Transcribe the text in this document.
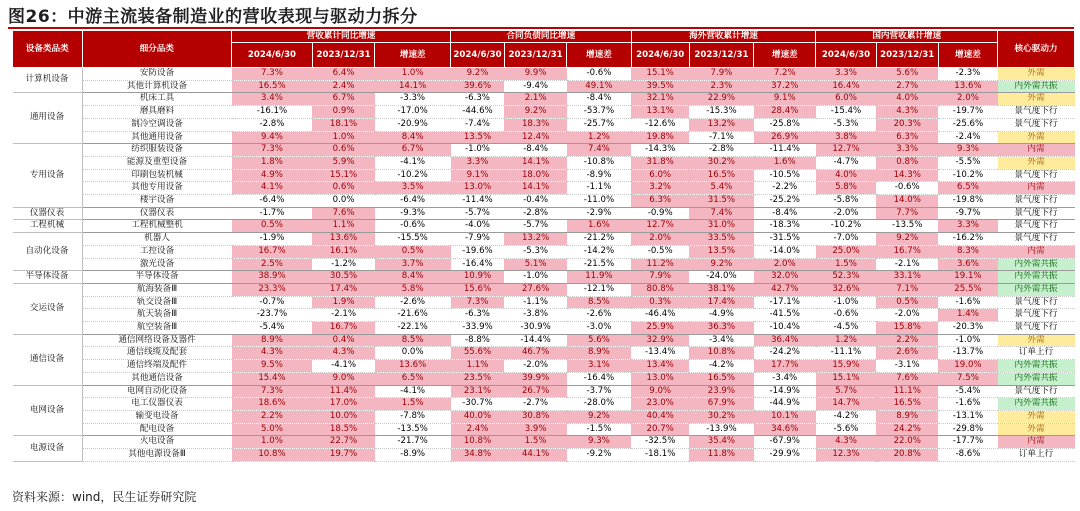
图26：中游主流装备制造业的营收表现与驱动力拆分
设备类品类	细分品类	营收累计同比增速			合同负债同比增速			海外营收累计增速			国内营收累计增速			核心驱动力
		2024/6/30	2023/12/31	增速差	2024/6/30	2023/12/31	增速差	2024/6/30	2023/12/31	增速差	2024/6/30	2023/12/31	增速差	
计算机设备	安防设备	7.3%	6.4%	1.0%	9.2%	9.9%	-0.6%	15.1%	7.9%	7.2%	3.3%	5.6%	-2.3%	外需
	其他计算机设备	16.5%	2.4%	14.1%	39.6%	-9.4%	49.1%	39.5%	2.3%	37.2%	16.4%	2.7%	13.6%	内外需共振
通用设备	机床工具	3.4%	6.7%	-3.3%	-6.3%	2.1%	-8.4%	32.1%	22.9%	9.1%	6.0%	4.0%	2.0%	外需
	磨具磨料	-16.1%	0.9%	-17.0%	-44.6%	9.2%	-53.7%	13.1%	-15.3%	28.4%	-15.4%	4.3%	-19.7%	景气度下行
	制冷空调设备	-2.8%	18.1%	-20.9%	-7.4%	18.3%	-25.7%	-12.6%	13.2%	-25.8%	-5.3%	20.3%	-25.6%	景气度下行
	其他通用设备	9.4%	1.0%	8.4%	13.5%	12.4%	1.2%	19.8%	-7.1%	26.9%	3.8%	6.3%	-2.4%	外需
专用设备	纺织服装设备	7.3%	0.6%	6.7%	-1.0%	-8.4%	7.4%	-14.3%	-2.8%	-11.4%	12.7%	3.3%	9.3%	内需
	能源及重型设备	1.8%	5.9%	-4.1%	3.3%	14.1%	-10.8%	31.8%	30.2%	1.6%	-4.7%	0.8%	-5.5%	外需
	印刷包装机械	4.9%	15.1%	-10.2%	9.1%	18.0%	-8.9%	6.0%	16.5%	-10.5%	4.0%	14.3%	-10.2%	景气度下行
	其他专用设备	4.1%	0.6%	3.5%	13.0%	14.1%	-1.1%	3.2%	5.4%	-2.2%	5.8%	-0.6%	6.5%	内需
	楼宇设备	-6.4%	0.0%	-6.4%	-11.4%	-0.4%	-11.0%	6.3%	31.5%	-25.2%	-5.8%	14.0%	-19.8%	景气度下行
仪器仪表	仪器仪表	-1.7%	7.6%	-9.3%	-5.7%	-2.8%	-2.9%	-0.9%	7.4%	-8.4%	-2.0%	7.7%	-9.7%	景气度下行
工程机械	工程机械整机	0.5%	1.1%	-0.6%	-4.0%	-5.7%	1.6%	12.7%	31.0%	-18.3%	-10.2%	-13.5%	3.3%	景气度下行
自动化设备	机器人	-1.9%	13.6%	-15.5%	-7.9%	13.2%	-21.2%	2.0%	33.5%	-31.5%	-7.0%	9.2%	-16.2%	景气度下行
	工控设备	16.7%	16.1%	0.5%	-19.6%	-5.3%	-14.2%	-0.5%	13.5%	-14.0%	25.0%	16.7%	8.3%	内需
	激光设备	2.5%	-1.2%	3.7%	-16.4%	5.1%	-21.5%	11.2%	9.2%	2.0%	1.5%	-2.1%	3.6%	内外需共振
半导体设备	半导体设备	38.9%	30.5%	8.4%	10.9%	-1.0%	11.9%	7.9%	-24.0%	32.0%	52.3%	33.1%	19.1%	内外需共振
交运设备	航海装备Ⅲ	23.3%	17.4%	5.8%	15.6%	27.6%	-12.1%	80.8%	38.1%	42.7%	32.6%	7.1%	25.5%	内外需共振
	轨交设备Ⅲ	-0.7%	1.9%	-2.6%	7.3%	-1.1%	8.5%	0.3%	17.4%	-17.1%	-1.0%	0.5%	-1.6%	景气度下行
	航天装备Ⅲ	-23.7%	-2.1%	-21.6%	-6.3%	-3.8%	-2.6%	-46.4%	-4.9%	-41.5%	-0.6%	-2.0%	1.4%	景气度下行
	航空装备Ⅲ	-5.4%	16.7%	-22.1%	-33.9%	-30.9%	-3.0%	25.9%	36.3%	-10.4%	-4.5%	15.8%	-20.3%	景气度下行
通信设备	通信网络设备及器件	8.9%	0.4%	8.5%	-8.8%	-14.4%	5.6%	32.9%	-3.4%	36.4%	1.2%	2.2%	-1.0%	外需
	通信线缆及配套	4.3%	4.3%	0.0%	55.6%	46.7%	8.9%	-13.4%	10.8%	-24.2%	-11.1%	2.6%	-13.7%	订单上行
	通信终端及配件	9.5%	-4.1%	13.6%	1.1%	-2.0%	3.1%	13.4%	-4.2%	17.7%	15.9%	-3.1%	19.0%	内外需共振
	其他通信设备	15.4%	9.0%	6.5%	23.5%	39.9%	-16.4%	13.0%	16.5%	-3.4%	15.1%	7.6%	7.5%	内外需共振
电网设备	电网自动化设备	7.3%	11.4%	-4.1%	23.1%	26.7%	-3.7%	9.0%	23.9%	-14.9%	5.7%	11.1%	-5.4%	景气度下行
	电工仪器仪表	18.6%	17.0%	1.5%	-30.7%	-2.7%	-28.0%	23.0%	67.9%	-44.9%	14.7%	16.5%	-1.6%	内外需共振
	输变电设备	2.2%	10.0%	-7.8%	40.0%	30.8%	9.2%	40.4%	30.2%	10.1%	-4.2%	8.9%	-13.1%	外需
	配电设备	5.0%	18.5%	-13.5%	2.4%	3.9%	-1.5%	20.7%	-13.9%	34.6%	-5.6%	24.2%	-29.8%	外需
电源设备	火电设备	1.0%	22.7%	-21.7%	10.8%	1.5%	9.3%	-32.5%	35.4%	-67.9%	4.3%	22.0%	-17.7%	内需
	其他电源设备Ⅲ	10.8%	19.7%	-8.9%	34.8%	44.1%	-9.2%	-18.1%	11.8%	-29.9%	12.3%	20.8%	-8.6%	订单上行
资料来源：wind，民生证券研究院
